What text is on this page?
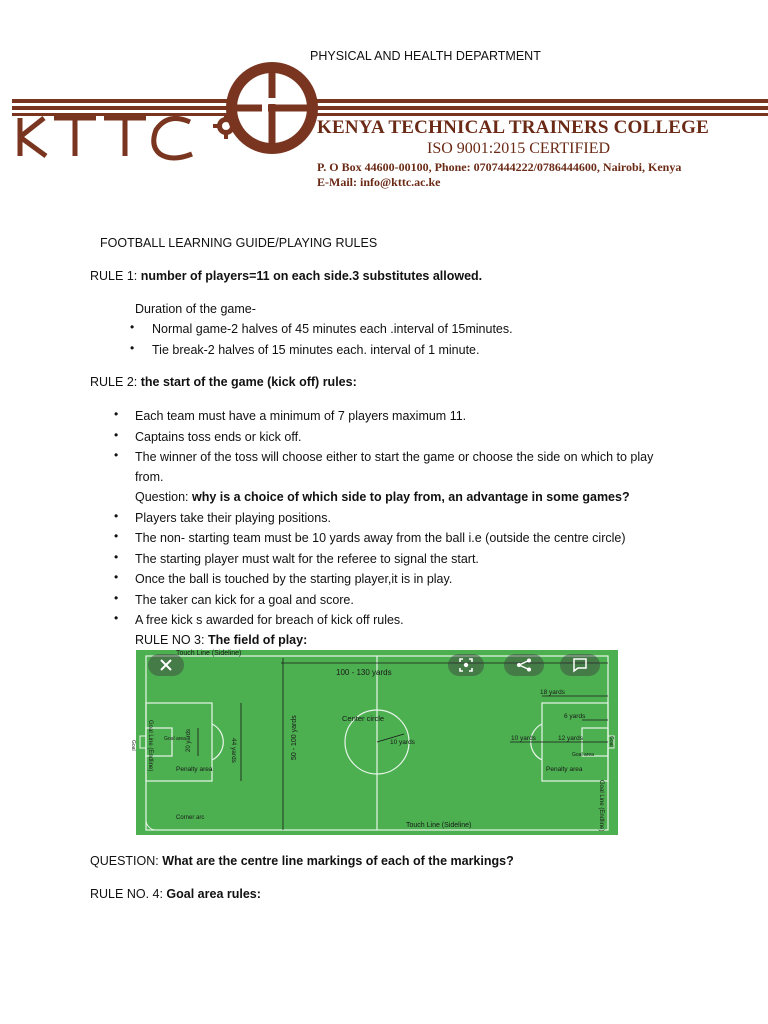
PHYSICAL AND HEALTH DEPARTMENT
KENYA TECHNICAL TRAINERS COLLEGE
ISO 9001:2015 CERTIFIED
P. O Box 44600-00100, Phone: 0707444222/0786444600, Nairobi, Kenya
E-Mail: info@kttc.ac.ke
FOOTBALL LEARNING GUIDE/PLAYING RULES
RULE 1: number of players=11 on each side.3 substitutes allowed.
Duration of the game-
• Normal game-2 halves of 45 minutes each .interval of 15minutes.
• Tie break-2 halves of 15 minutes each. interval of 1 minute.
RULE 2: the start of the game (kick off) rules:
• Each team must have a minimum of 7 players maximum 11.
• Captains toss ends or kick off.
• The winner of the toss will choose either to start the game or choose the side on which to play
from.
Question: why is a choice of which side to play from, an advantage in some games?
• Players take their playing positions.
• The non- starting team must be 10 yards away from the ball i.e (outside the centre circle)
• The starting player must walt for the referee to signal the start.
• Once the ball is touched by the starting player,it is in play.
• The taker can kick for a goal and score.
• A free kick s awarded for breach of kick off rules.
RULE NO 3: The field of play:
Touch Line (Sideline)
Touch Line (Sideline)
100 - 130 yards
50 - 100 yards
18 yards
6 yards
10 yards	12 yards
Center circle
10 yards
Goal Line (Endline)
Goal Line (Endline)
Goal	Goal
Goal area
Goal area
20 yards	44 yards
Penalty area	Penalty area
Corner arc
QUESTION: What are the centre line markings of each of the markings?
RULE NO. 4: Goal area rules:
